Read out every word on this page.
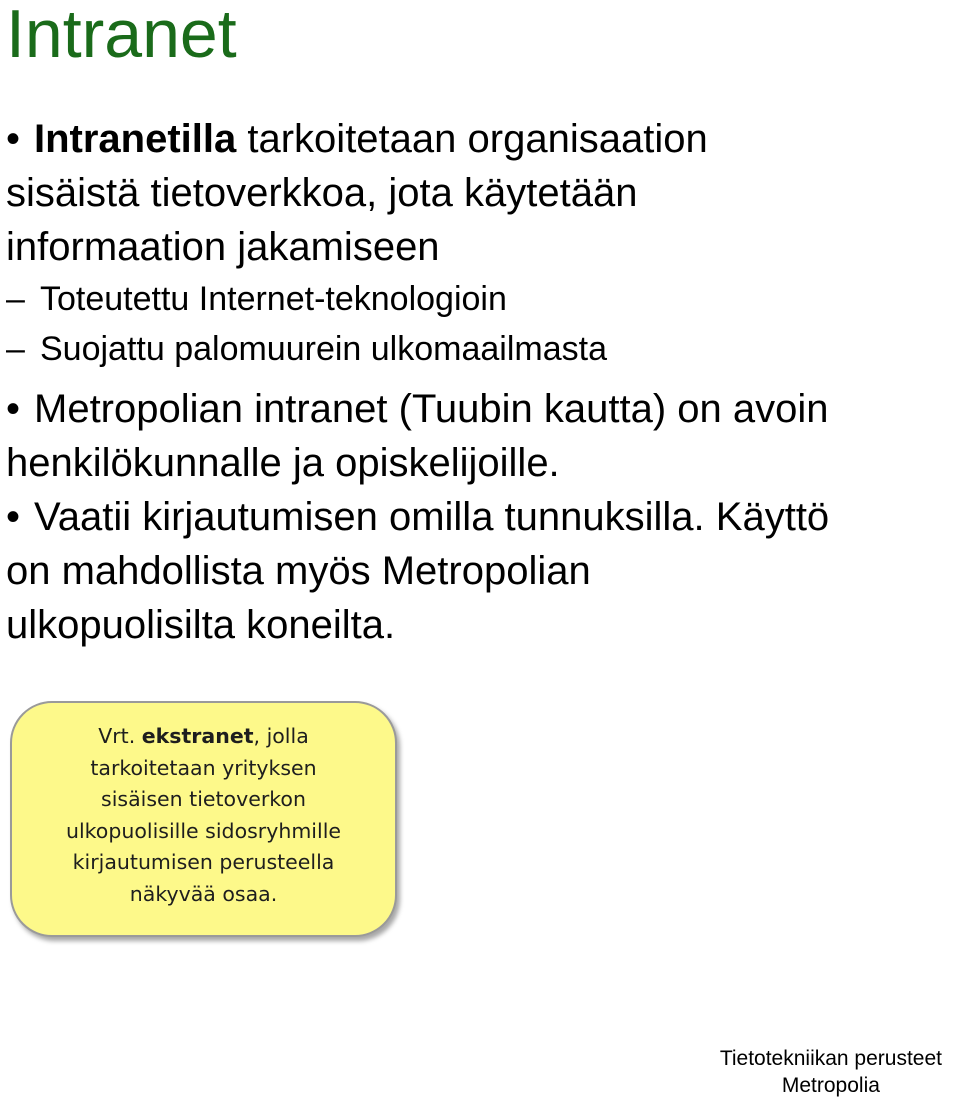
Intranet

• Intranetilla tarkoitetaan organisaation
sisäistä tietoverkkoa, jota käytetään
informaation jakamiseen

– Toteutettu Internet-teknologioin

– Suojattu palomuurein ulkomaailmasta

• Metropolian intranet (Tuubin kautta) on avoin
henkilökunnalle ja opiskelijoille.

• Vaatii kirjautumisen omilla tunnuksilla. Käyttö
on mahdollista myös Metropolian
ulkopuolisilta koneilta.

Vrt. ekstranet, jolla
tarkoitetaan yrityksen
sisäisen tietoverkon
ulkopuolisille sidosryhmille
kirjautumisen perusteella
näkyvää osaa.
Tietotekniikan perusteet
Metropolia
